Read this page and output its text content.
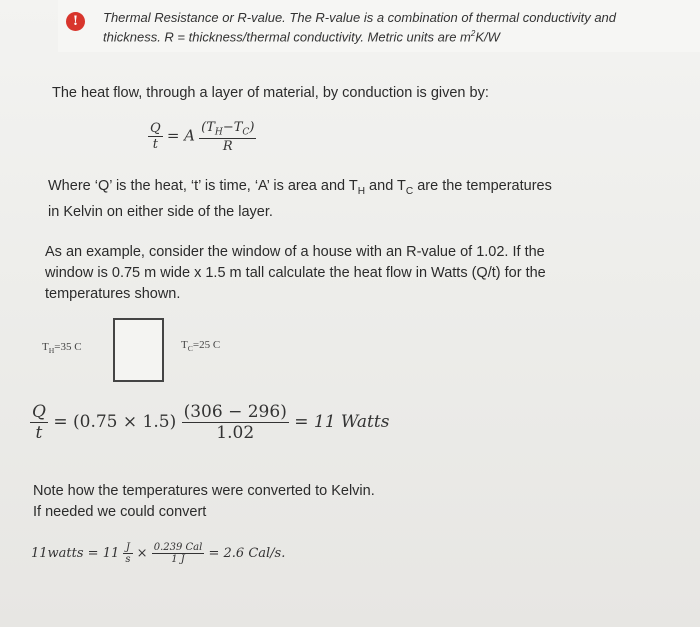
!	Thermal Resistance or R-value. The R-value is a combination of thermal conductivity and
thickness. R = thickness/thermal conductivity. Metric units are $m^2K/W$
The heat flow, through a layer of material, by conduction is given by:
$\frac{Q}{t} = A \frac{(T_H-T_C)}{R}$
Where ‘Q’ is the heat, ‘t’ is time, ‘A’ is area and $T_H$ and $T_C$ are the temperatures
in Kelvin on either side of the layer.
As an example, consider the window of a house with an R-value of 1.02. If the
window is 0.75 m wide x 1.5 m tall calculate the heat flow in Watts (Q/t) for the
temperatures shown.
$T_H=35$ C	$T_C=25$ C
$\frac{Q}{t} = (0.75 \times 1.5) \frac{(306 - 296)}{1.02} = 11$ Watts
Note how the temperatures were converted to Kelvin.
If needed we could convert
11watts = $11 \frac{J}{s} \times \frac{\text{0.239 Cal}}{1 J} = 2.6$ Cal/s.
